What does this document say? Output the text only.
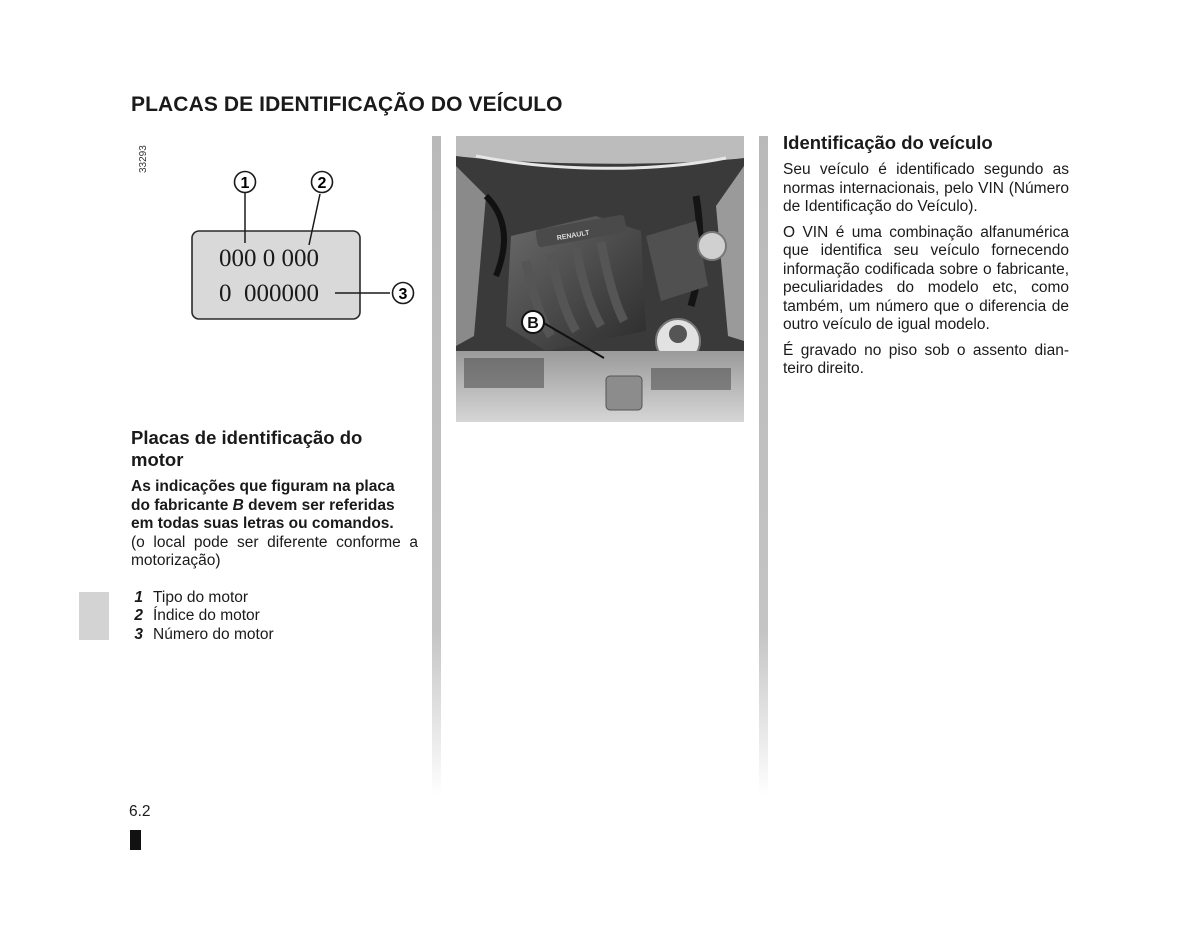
PLACAS DE IDENTIFICAÇÃO DO VEÍCULO
33293
000 0 000
0  000000
1	2
3
RENAULT
B
Placas de identificação do
motor

As indicações que figuram na placa
do fabricante B devem ser referidas
em todas suas letras ou comandos.

(o local pode ser diferente conforme a motorização)

1 Tipo do motor
2 Índice do motor
3 Número do motor
Identificação do veículo

Seu veículo é identificado segundo as normas internacionais, pelo VIN (Número de Identificação do Veículo).

O VIN é uma combinação alfanumérica que identifica seu veículo fornecendo informação codificada sobre o fabricante, peculiaridades do modelo etc, como também, um número que o diferencia de outro veículo de igual modelo.

É gravado no piso sob o assento dianteiro direito.

6.2
